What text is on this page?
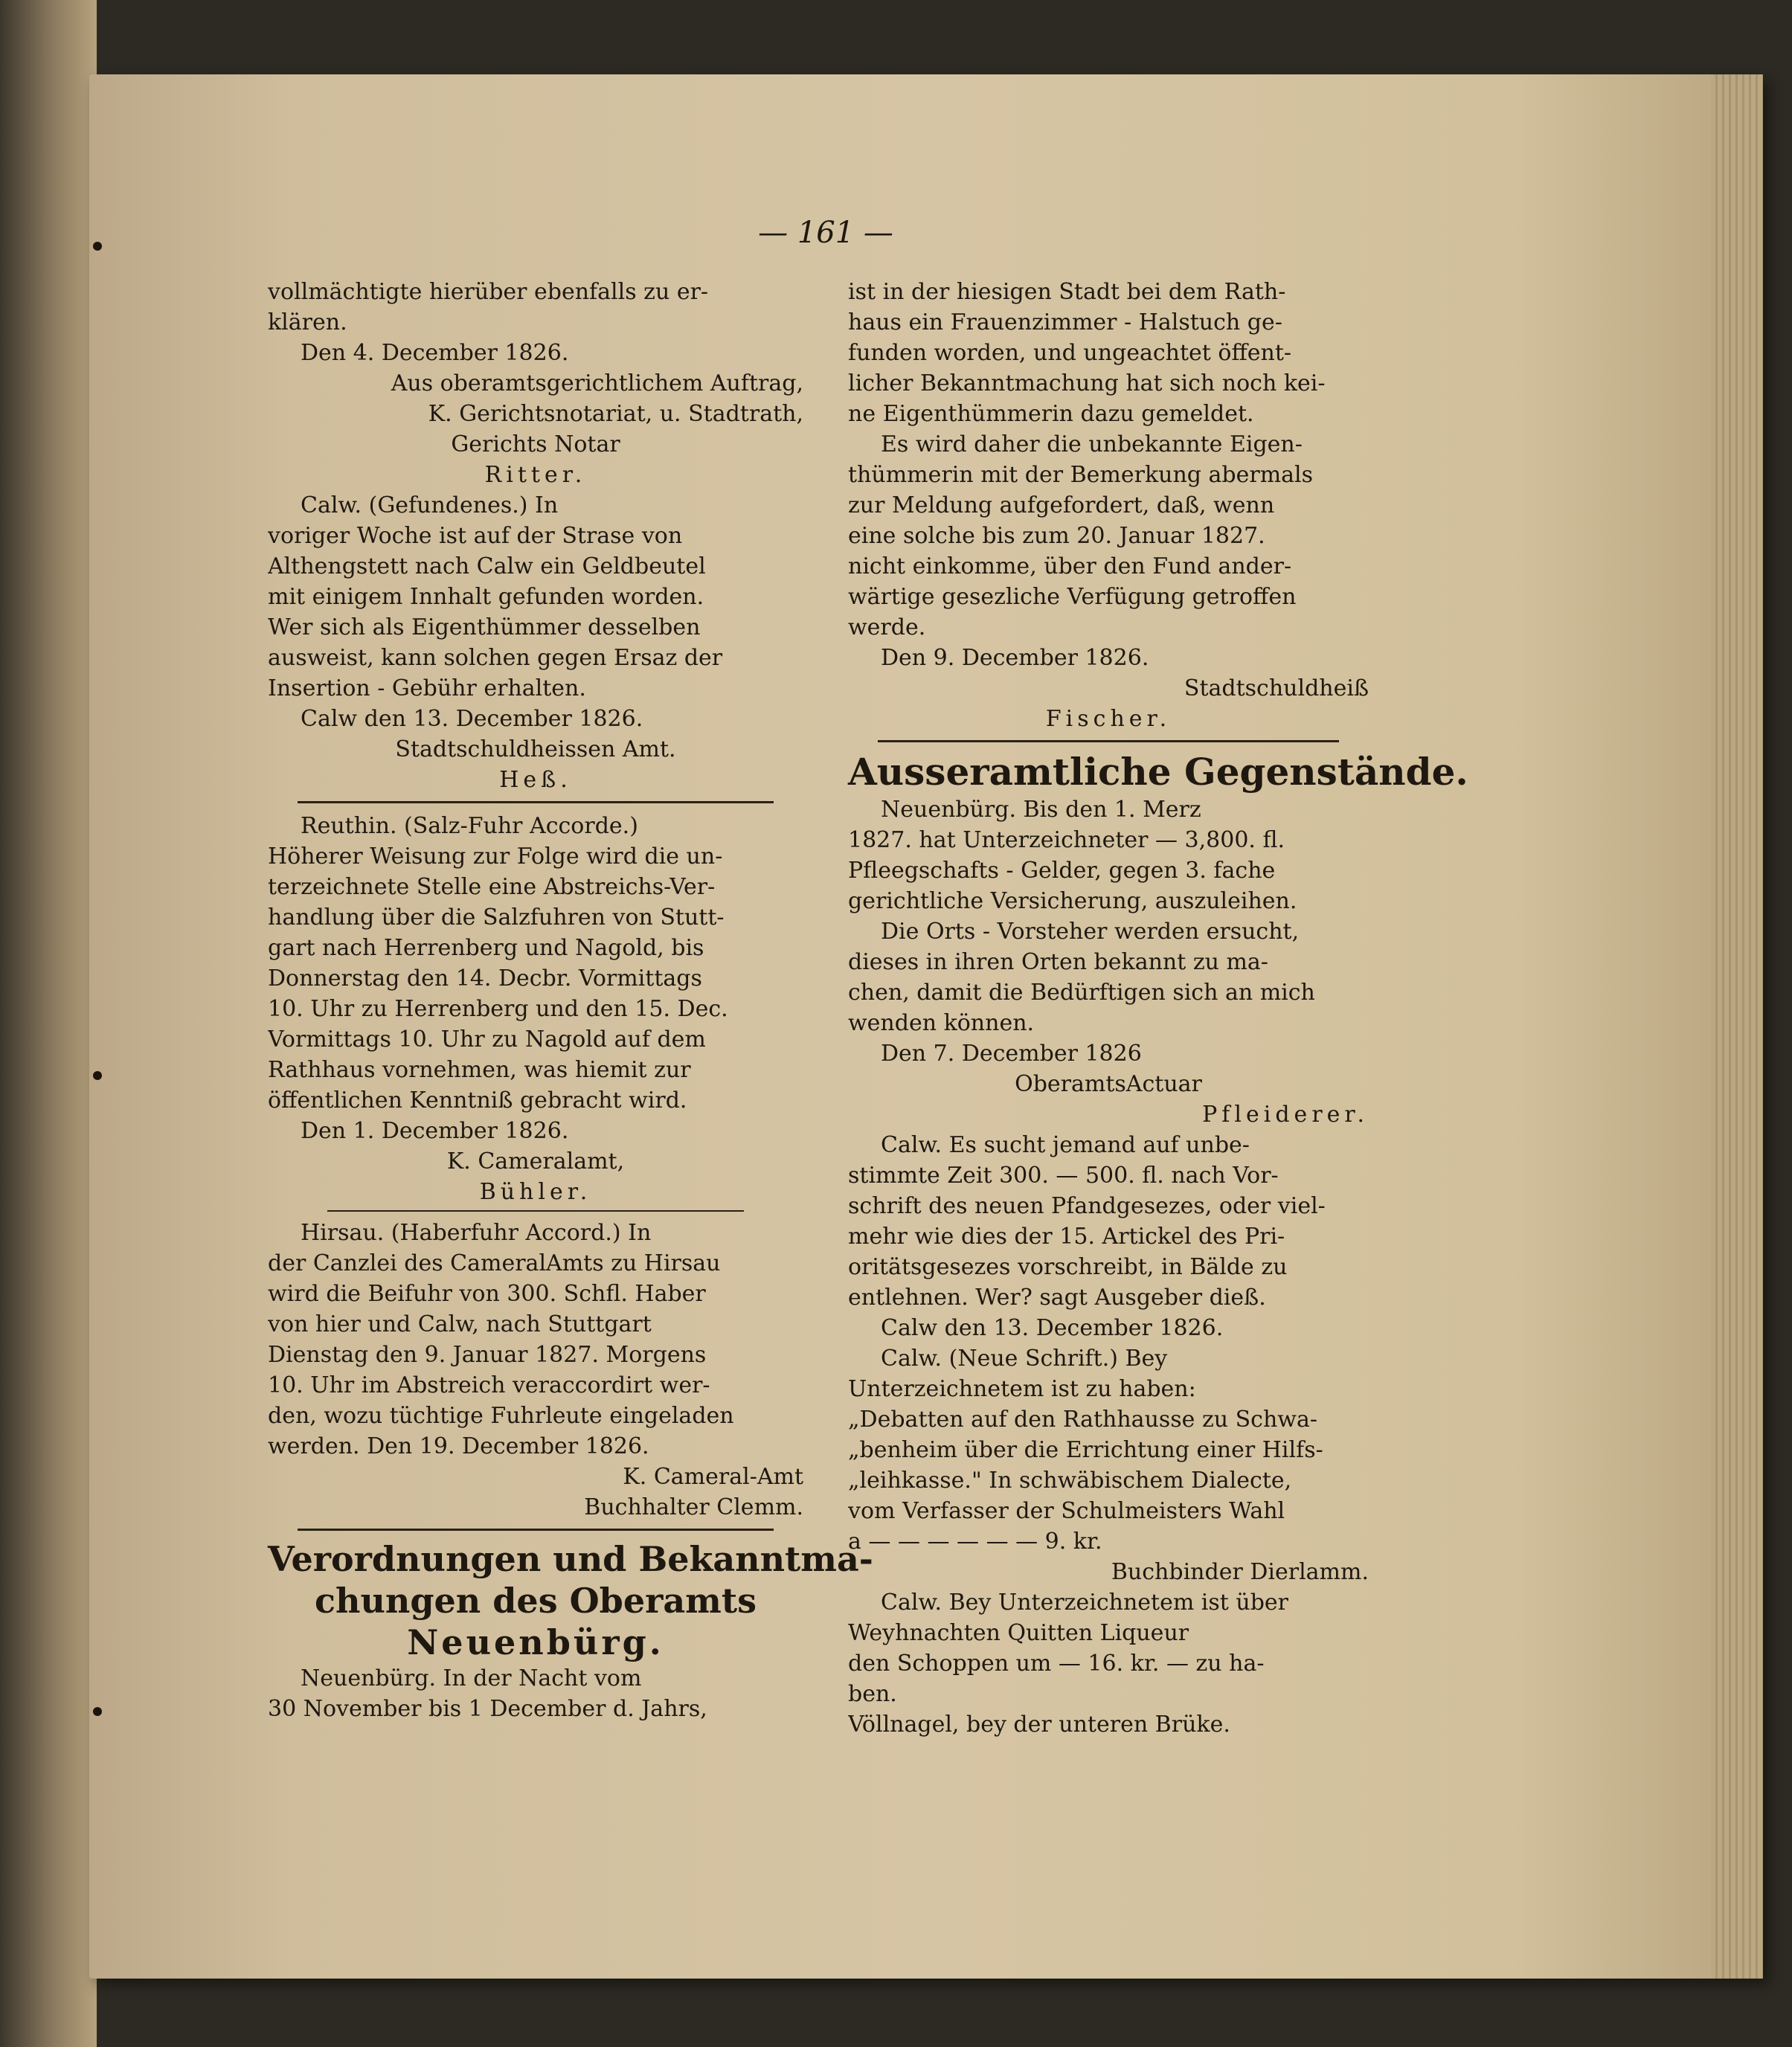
— 161 —
vollmächtigte hierüber ebenfalls zu er-
klären.
Den 4. December 1826.
Aus oberamtsgerichtlichem Auftrag,
K. Gerichtsnotariat, u. Stadtrath,
Gerichts Notar
Ritter.
Calw. (Gefundenes.) In
voriger Woche ist auf der Strase von
Althengstett nach Calw ein Geldbeutel
mit einigem Innhalt gefunden worden.
Wer sich als Eigenthümmer desselben
ausweist, kann solchen gegen Ersaz der
Insertion - Gebühr erhalten.
Calw den 13. December 1826.
Stadtschuldheissen Amt.
Heß.
Reuthin. (Salz-Fuhr Accorde.)
Höherer Weisung zur Folge wird die un-
terzeichnete Stelle eine Abstreichs-Ver-
handlung über die Salzfuhren von Stutt-
gart nach Herrenberg und Nagold, bis
Donnerstag den 14. Decbr. Vormittags
10. Uhr zu Herrenberg und den 15. Dec.
Vormittags 10. Uhr zu Nagold auf dem
Rathhaus vornehmen, was hiemit zur
öffentlichen Kenntniß gebracht wird.
Den 1. December 1826.
K. Cameralamt,
Bühler.
Hirsau. (Haberfuhr Accord.) In
der Canzlei des CameralAmts zu Hirsau
wird die Beifuhr von 300. Schfl. Haber
von hier und Calw, nach Stuttgart
Dienstag den 9. Januar 1827. Morgens
10. Uhr im Abstreich veraccordirt wer-
den, wozu tüchtige Fuhrleute eingeladen
werden. Den 19. December 1826.
K. Cameral-Amt
Buchhalter Clemm.
Verordnungen und Bekanntma-
chungen des Oberamts
Neuenbürg.
Neuenbürg. In der Nacht vom
30 November bis 1 December d. Jahrs,
ist in der hiesigen Stadt bei dem Rath-
haus ein Frauenzimmer - Halstuch ge-
funden worden, und ungeachtet öffent-
licher Bekanntmachung hat sich noch kei-
ne Eigenthümmerin dazu gemeldet.
Es wird daher die unbekannte Eigen-
thümmerin mit der Bemerkung abermals
zur Meldung aufgefordert, daß, wenn
eine solche bis zum 20. Januar 1827.
nicht einkomme, über den Fund ander-
wärtige gesezliche Verfügung getroffen
werde.
Den 9. December 1826.
Stadtschuldheiß
Fischer.
Ausseramtliche Gegenstände.
Neuenbürg. Bis den 1. Merz
1827. hat Unterzeichneter — 3,800. fl.
Pfleegschafts - Gelder, gegen 3. fache
gerichtliche Versicherung, auszuleihen.
Die Orts - Vorsteher werden ersucht,
dieses in ihren Orten bekannt zu ma-
chen, damit die Bedürftigen sich an mich
wenden können.
Den 7. December 1826
OberamtsActuar
Pfleiderer.
Calw. Es sucht jemand auf unbe-
stimmte Zeit 300. — 500. fl. nach Vor-
schrift des neuen Pfandgesezes, oder viel-
mehr wie dies der 15. Artickel des Pri-
oritätsgesezes vorschreibt, in Bälde zu
entlehnen. Wer? sagt Ausgeber dieß.
Calw den 13. December 1826.
Calw. (Neue Schrift.) Bey
Unterzeichnetem ist zu haben:
„Debatten auf den Rathhausse zu Schwa-
„benheim über die Errichtung einer Hilfs-
„leihkasse." In schwäbischem Dialecte,
vom Verfasser der Schulmeisters Wahl
a — — — — — — 9. kr.
Buchbinder Dierlamm.
Calw. Bey Unterzeichnetem ist über
Weyhnachten Quitten Liqueur
den Schoppen um — 16. kr. — zu ha-
ben.
Völlnagel, bey der unteren Brüke.
